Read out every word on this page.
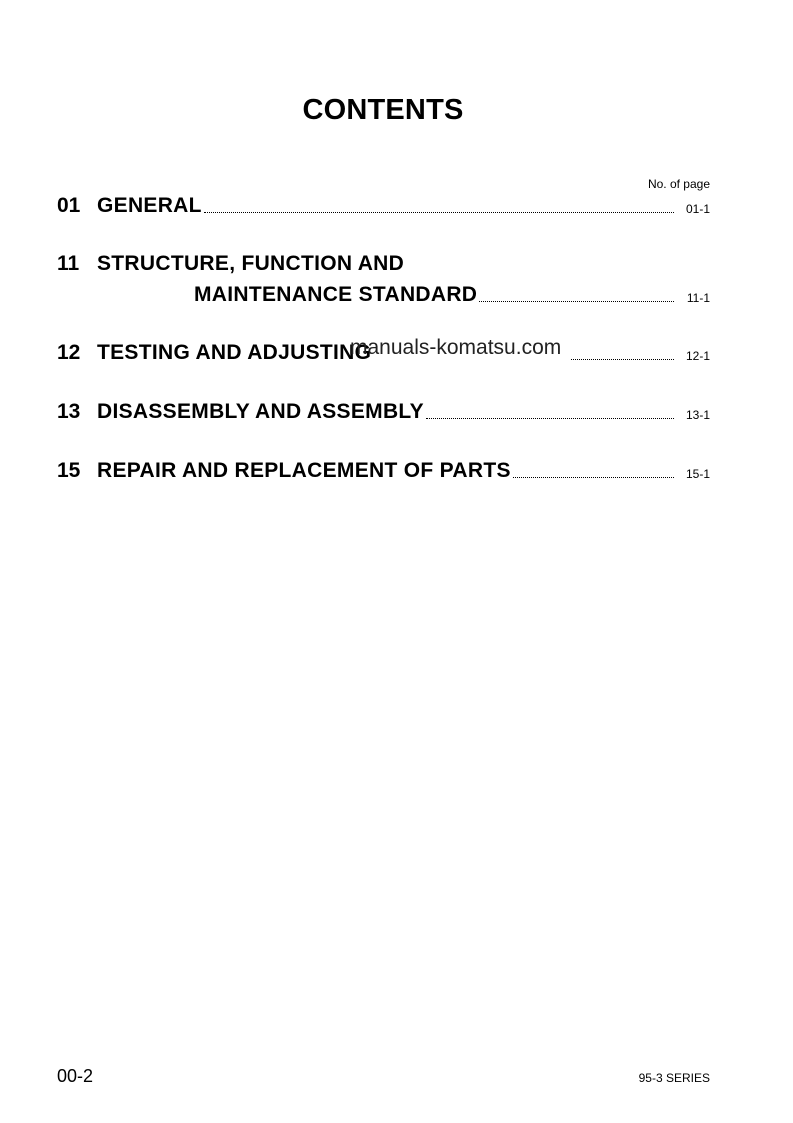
CONTENTS
No. of page
01 GENERAL	01-1
11 STRUCTURE, FUNCTION AND
MAINTENANCE STANDARD	11-1
12 TESTING AND ADJUSTING	12-1
manuals-komatsu.com
13 DISASSEMBLY AND ASSEMBLY	13-1
15 REPAIR AND REPLACEMENT OF PARTS	15-1
00-2	95-3 SERIES
